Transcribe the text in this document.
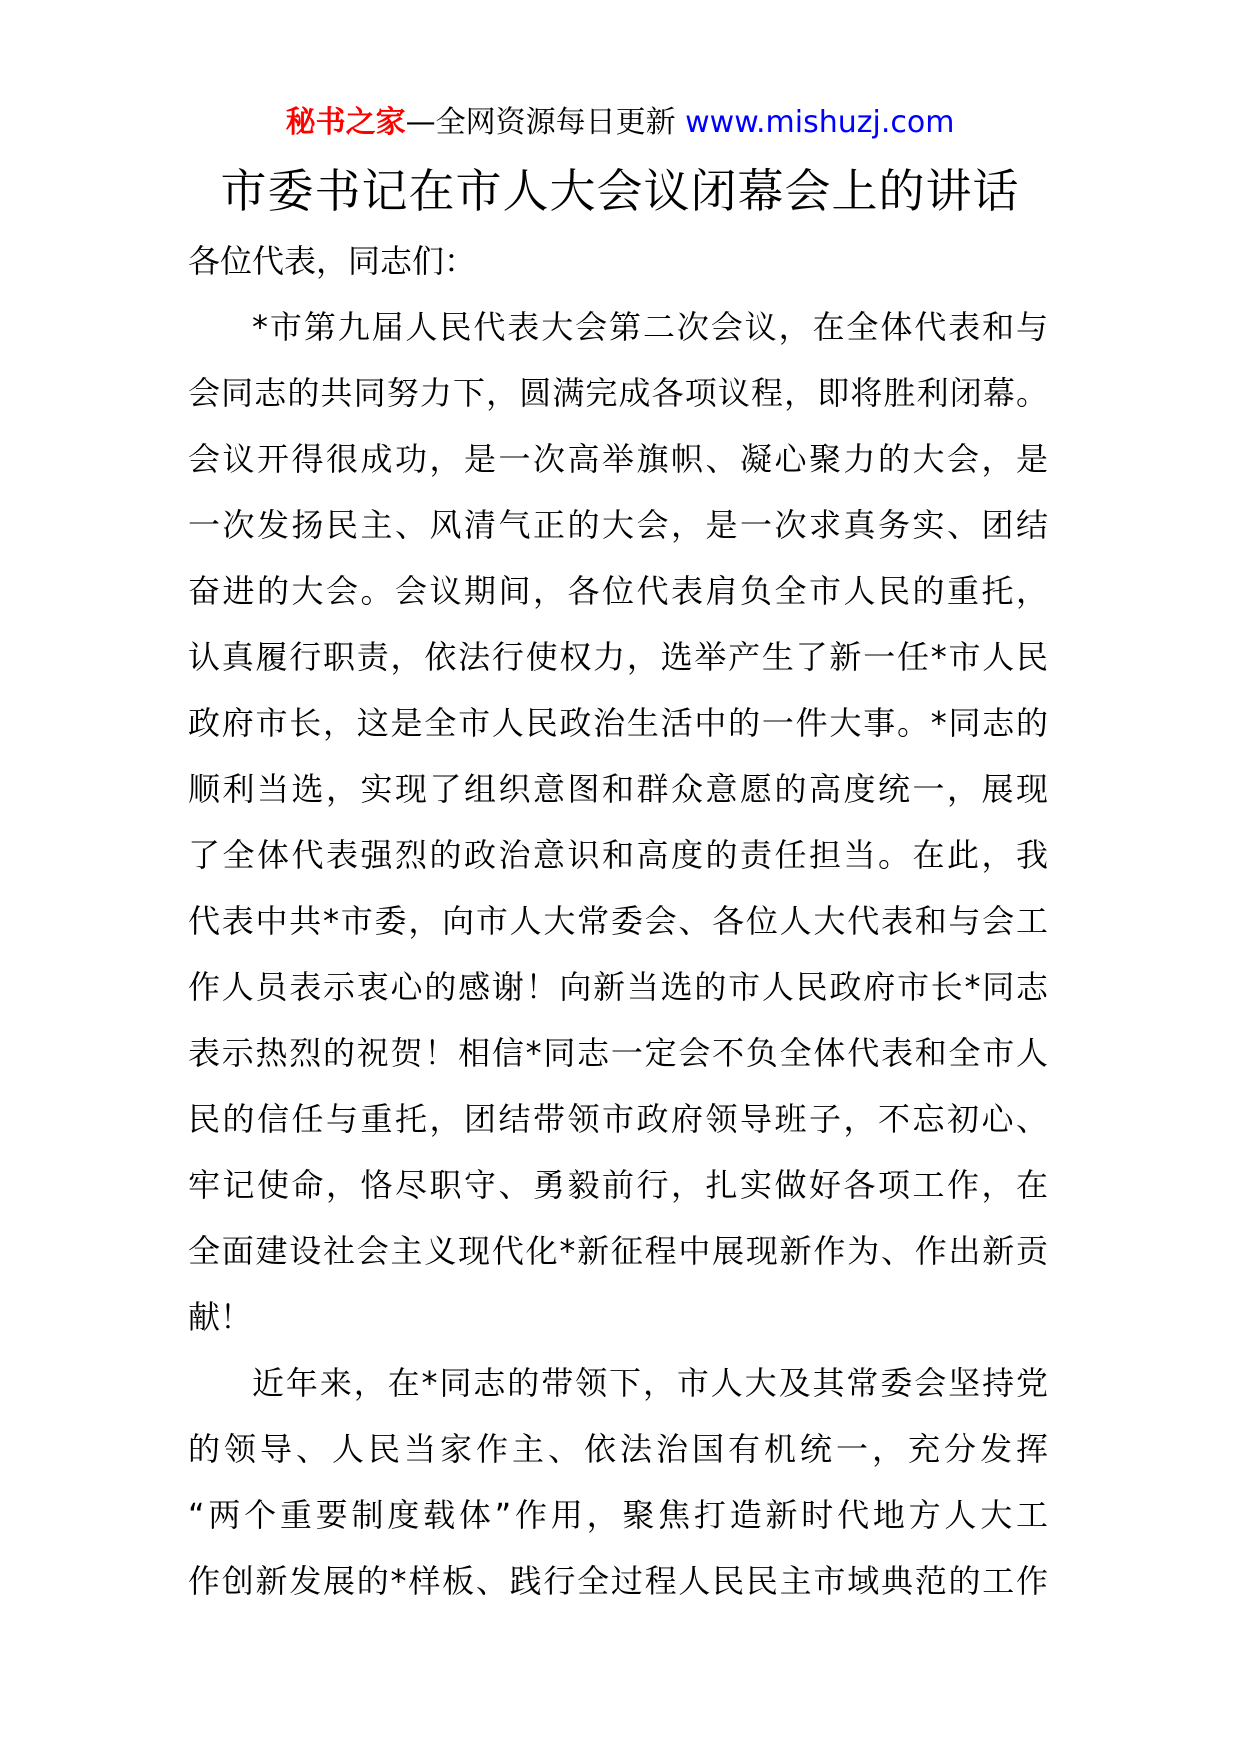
秘书之家—全网资源每日更新 www.mishuzj.com
市委书记在市人大会议闭幕会上的讲话
各位代表，同志们：
*市第九届人民代表大会第二次会议，在全体代表和与
会同志的共同努力下，圆满完成各项议程，即将胜利闭幕。
会议开得很成功，是一次高举旗帜、凝心聚力的大会，是
一次发扬民主、风清气正的大会，是一次求真务实、团结
奋进的大会。会议期间，各位代表肩负全市人民的重托，
认真履行职责，依法行使权力，选举产生了新一任*市人民
政府市长，这是全市人民政治生活中的一件大事。*同志的
顺利当选，实现了组织意图和群众意愿的高度统一，展现
了全体代表强烈的政治意识和高度的责任担当。在此，我
代表中共*市委，向市人大常委会、各位人大代表和与会工
作人员表示衷心的感谢！向新当选的市人民政府市长*同志
表示热烈的祝贺！相信*同志一定会不负全体代表和全市人
民的信任与重托，团结带领市政府领导班子，不忘初心、
牢记使命，恪尽职守、勇毅前行，扎实做好各项工作，在
全面建设社会主义现代化*新征程中展现新作为、作出新贡
献！
近年来，在*同志的带领下，市人大及其常委会坚持党
的领导、人民当家作主、依法治国有机统一，充分发挥
“两个重要制度载体”作用，聚焦打造新时代地方人大工
作创新发展的*样板、践行全过程人民民主市域典范的工作
